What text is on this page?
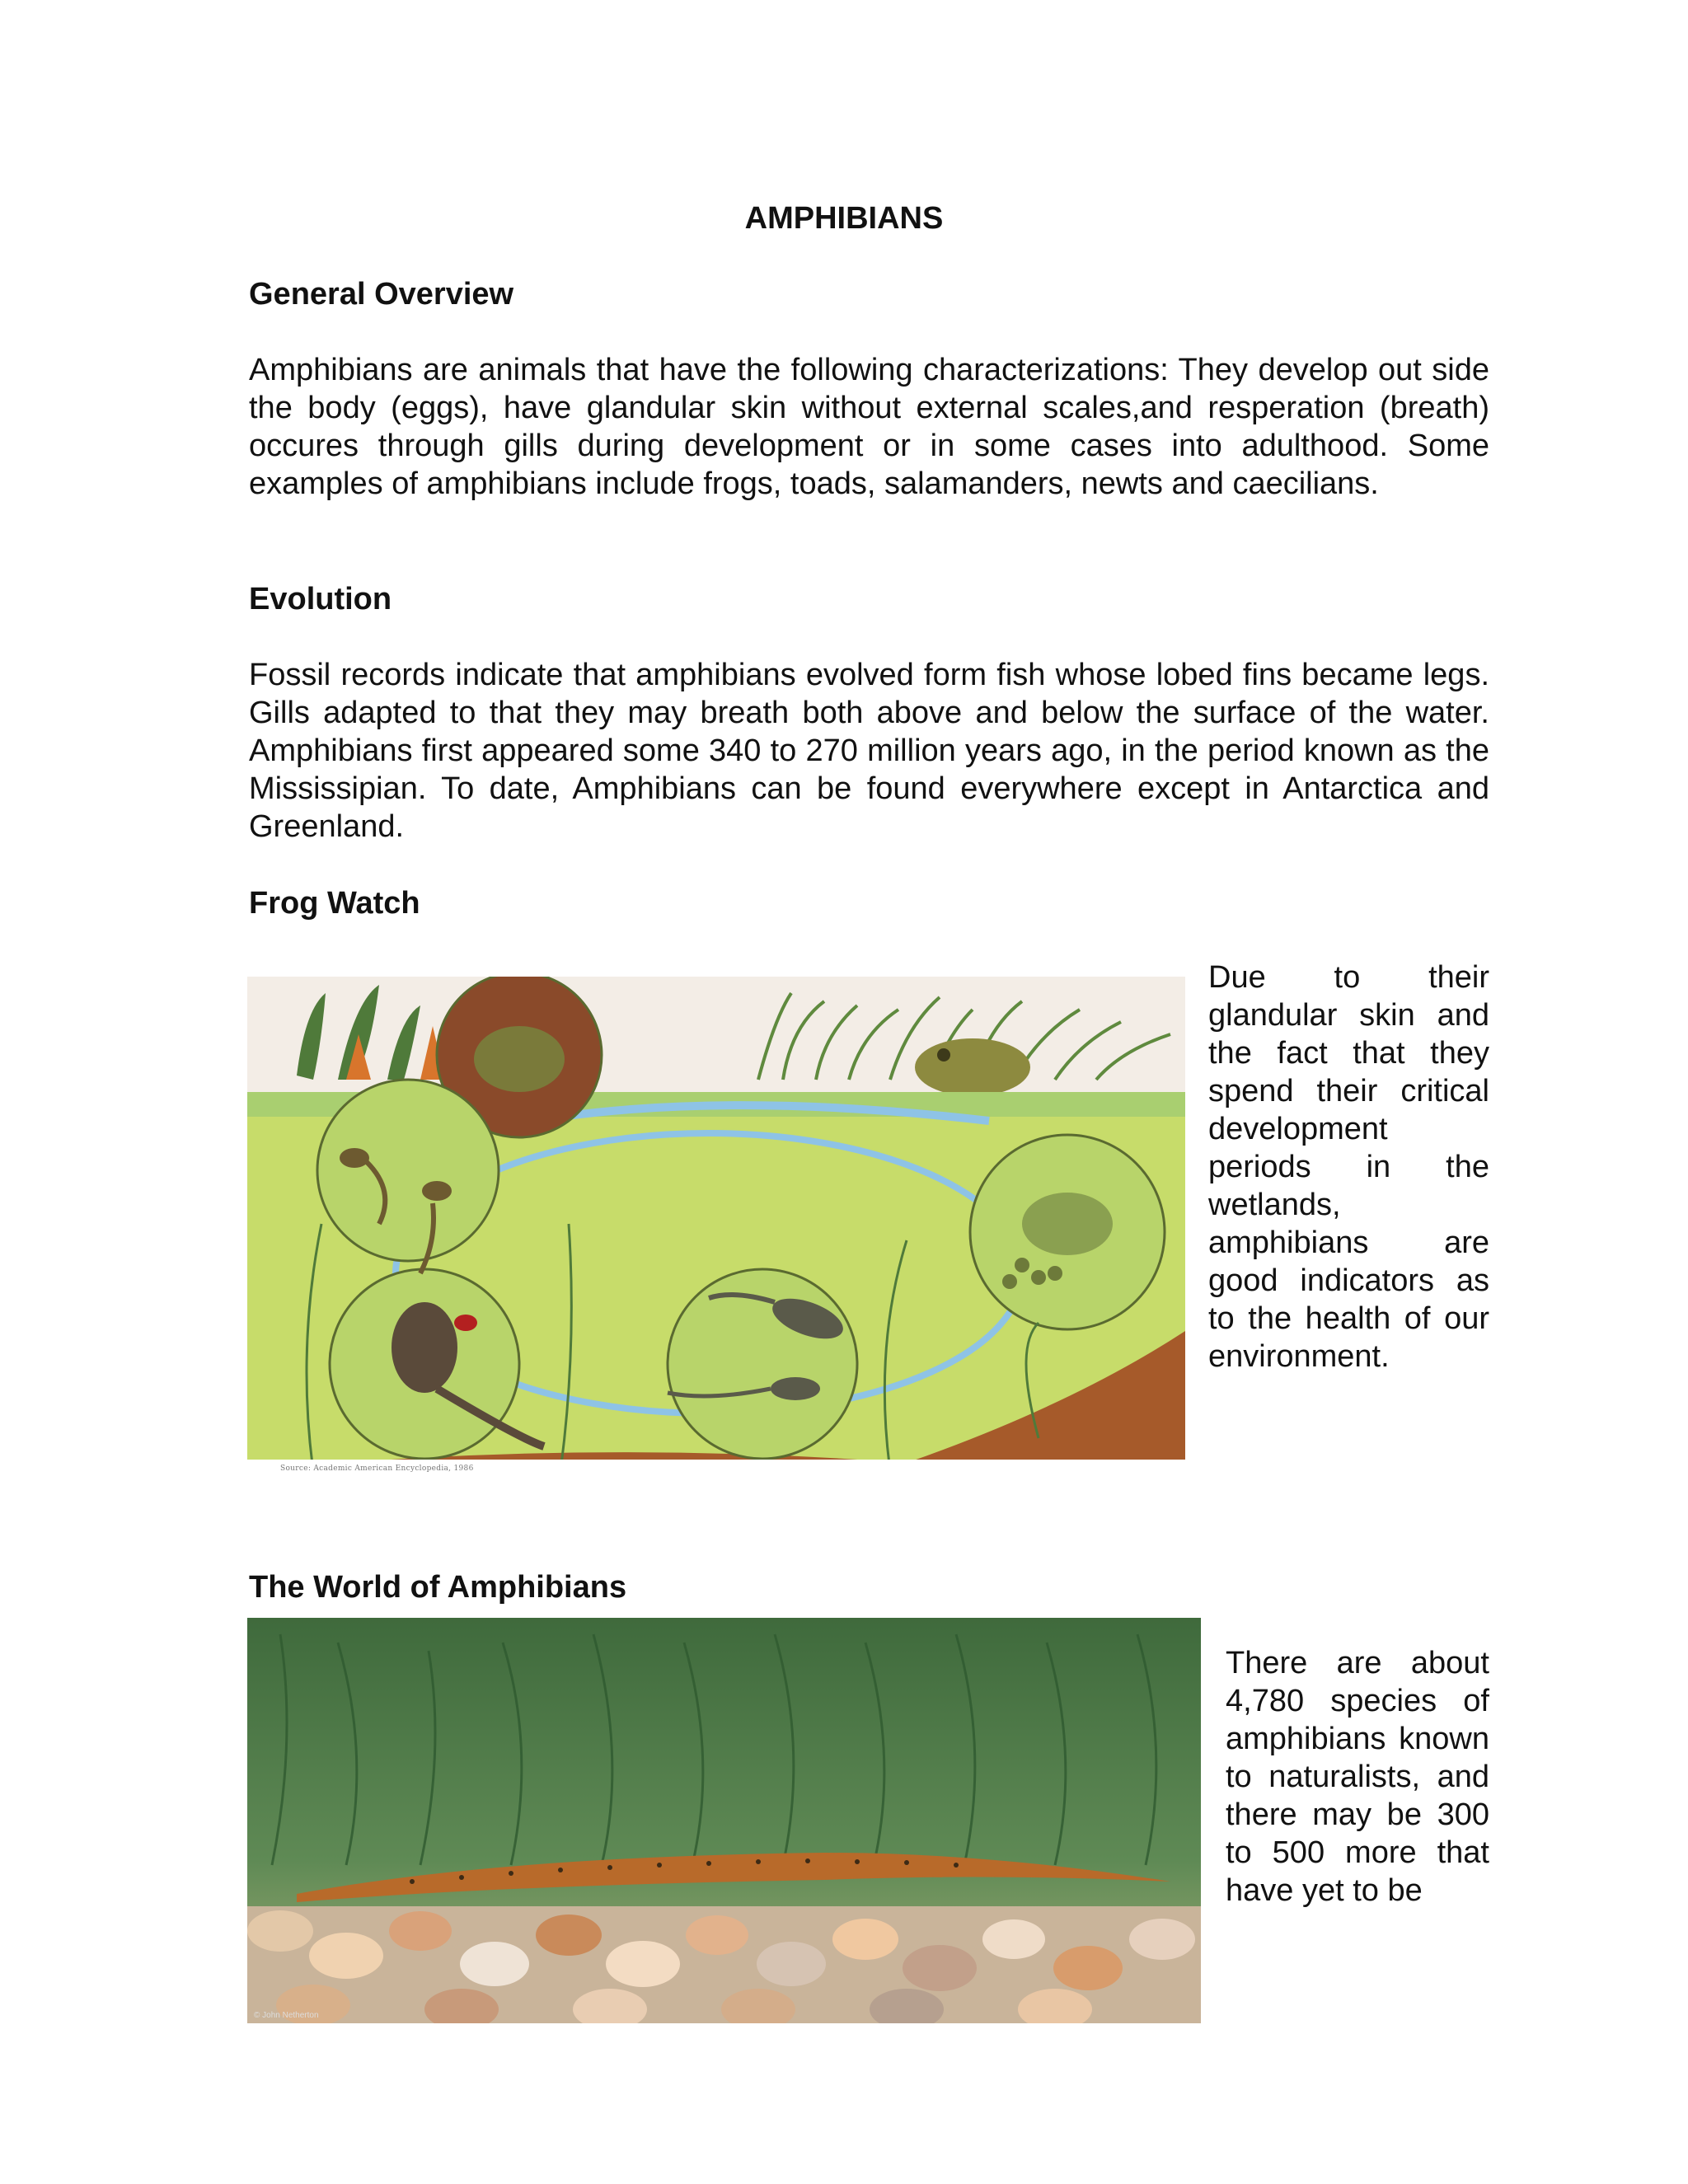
AMPHIBIANS
General Overview

Amphibians are animals that have the following characterizations: They develop out side the body (eggs), have glandular skin without external scales,and resperation (breath) occures through gills during development or in some cases into adulthood. Some examples of amphibians include frogs, toads, salamanders, newts and caecilians.

Evolution

Fossil records indicate that amphibians evolved form fish whose lobed fins became legs. Gills adapted to that they may breath both above and below the surface of the water. Amphibians first appeared some 340 to 270 million years ago, in the period known as the Mississipian. To date, Amphibians can be found everywhere except in Antarctica and Greenland.

Frog Watch
Source: Academic American Encyclopedia, 1986

Due to their glandular skin and the fact that they spend their critical development periods in the wetlands, amphibians are good indicators as to the health of our environment.

The World of Amphibians
© John Netherton

There are about 4,780 species of amphibians known to naturalists, and there may be 300 to 500 more that have yet to be
